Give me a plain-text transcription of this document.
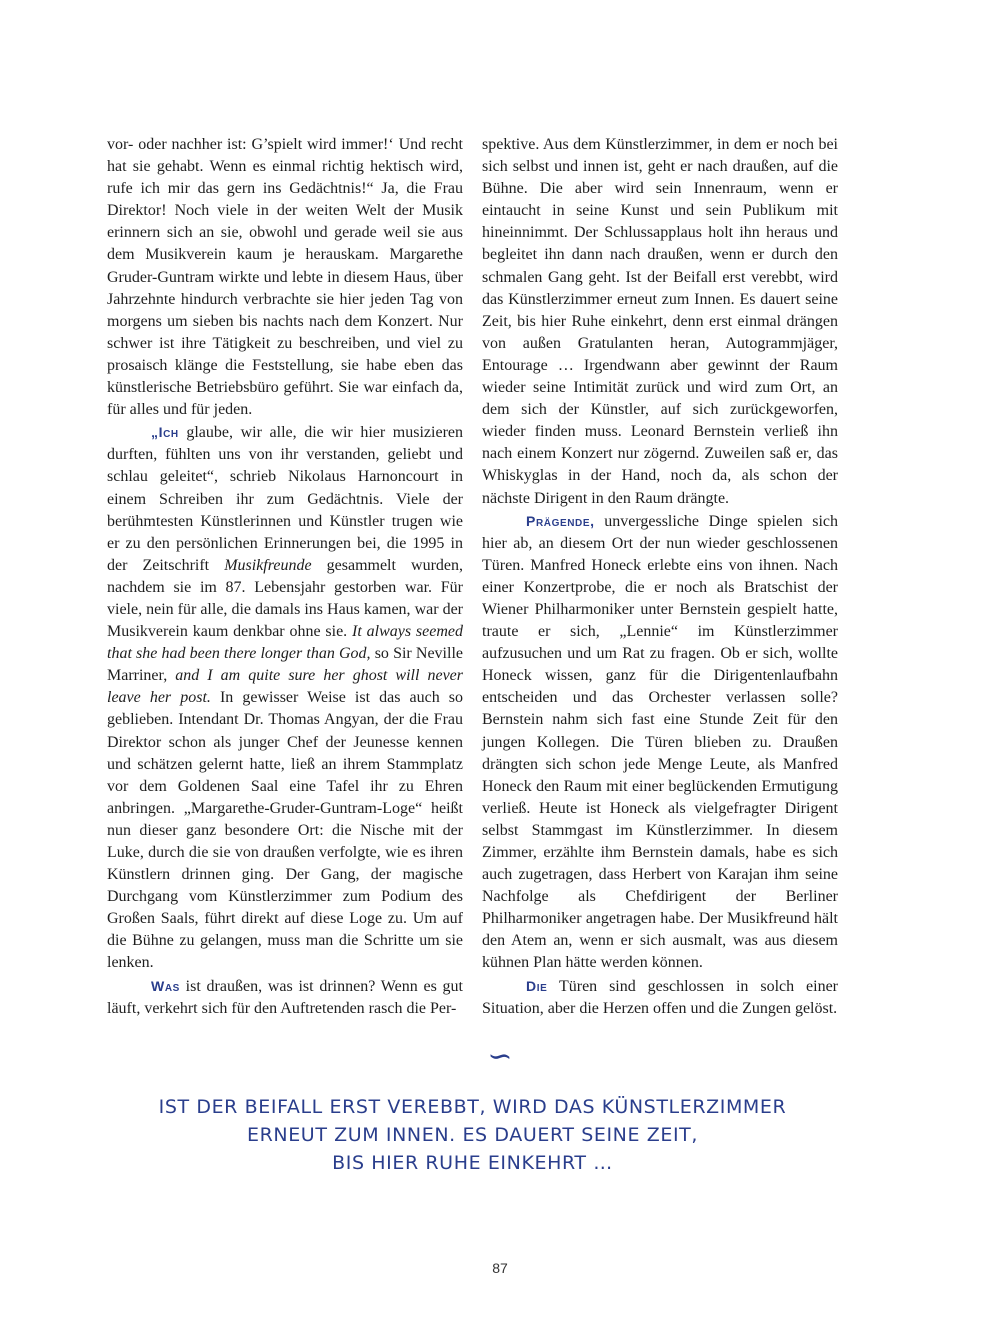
vor- oder nachher ist: G’spielt wird immer!‘ Und recht hat sie gehabt. Wenn es einmal richtig hektisch wird, rufe ich mir das gern ins Gedächtnis!“ Ja, die Frau Direktor! Noch viele in der weiten Welt der Musik erinnern sich an sie, obwohl und gerade weil sie aus dem Musikverein kaum je herauskam. Margarethe Gruder-Guntram wirkte und lebte in diesem Haus, über Jahrzehnte hindurch verbrachte sie hier jeden Tag von morgens um sieben bis nachts nach dem Konzert. Nur schwer ist ihre Tätigkeit zu beschreiben, und viel zu prosaisch klänge die Feststellung, sie habe eben das künstlerische Betriebsbüro geführt. Sie war einfach da, für alles und für jeden.

„Ich glaube, wir alle, die wir hier musizieren durften, fühlten uns von ihr verstanden, geliebt und schlau geleitet“, schrieb Nikolaus Harnoncourt in einem Schreiben ihr zum Gedächtnis. Viele der berühmtesten Künstlerinnen und Künstler trugen wie er zu den persönlichen Erinnerungen bei, die 1995 in der Zeitschrift Musikfreunde gesammelt wurden, nachdem sie im 87. Lebensjahr gestorben war. Für viele, nein für alle, die damals ins Haus kamen, war der Musikverein kaum denkbar ohne sie. It always seemed that she had been there longer than God, so Sir Neville Marriner, and I am quite sure her ghost will never leave her post. In gewisser Weise ist das auch so geblieben. Intendant Dr. Thomas Angyan, der die Frau Direktor schon als junger Chef der Jeunesse kennen und schätzen gelernt hatte, ließ an ihrem Stammplatz vor dem Goldenen Saal eine Tafel ihr zu Ehren anbringen. „Margarethe-Gruder-Guntram-Loge“ heißt nun dieser ganz besondere Ort: die Nische mit der Luke, durch die sie von draußen verfolgte, wie es ihren Künstlern drinnen ging. Der Gang, der magische Durchgang vom Künstlerzimmer zum Podium des Großen Saals, führt direkt auf diese Loge zu. Um auf die Bühne zu gelangen, muss man die Schritte um sie lenken.

Was ist draußen, was ist drinnen? Wenn es gut läuft, verkehrt sich für den Auftretenden rasch die Per-

spektive. Aus dem Künstlerzimmer, in dem er noch bei sich selbst und innen ist, geht er nach draußen, auf die Bühne. Die aber wird sein Innenraum, wenn er eintaucht in seine Kunst und sein Publikum mit hineinnimmt. Der Schlussapplaus holt ihn heraus und begleitet ihn dann nach draußen, wenn er durch den schmalen Gang geht. Ist der Beifall erst verebbt, wird das Künstlerzimmer erneut zum Innen. Es dauert seine Zeit, bis hier Ruhe einkehrt, denn erst einmal drängen von außen Gratulanten heran, Autogrammjäger, Entourage … Irgendwann aber gewinnt der Raum wieder seine Intimität zurück und wird zum Ort, an dem sich der Künstler, auf sich zurückgeworfen, wieder finden muss. Leonard Bernstein verließ ihn nach einem Konzert nur zögernd. Zuweilen saß er, das Whiskyglas in der Hand, noch da, als schon der nächste Dirigent in den Raum drängte.

Prägende, unvergessliche Dinge spielen sich hier ab, an diesem Ort der nun wieder geschlossenen Türen. Manfred Honeck erlebte eins von ihnen. Nach einer Konzertprobe, die er noch als Bratschist der Wiener Philharmoniker unter Bernstein gespielt hatte, traute er sich, „Lennie“ im Künstlerzimmer aufzusuchen und um Rat zu fragen. Ob er sich, wollte Honeck wissen, ganz für die Dirigentenlaufbahn entscheiden und das Orchester verlassen solle? Bernstein nahm sich fast eine Stunde Zeit für den jungen Kollegen. Die Türen blieben zu. Draußen drängten sich schon jede Menge Leute, als Manfred Honeck den Raum mit einer beglückenden Ermutigung verließ. Heute ist Honeck als vielgefragter Dirigent selbst Stammgast im Künstlerzimmer. In diesem Zimmer, erzählte ihm Bernstein damals, habe es sich auch zugetragen, dass Herbert von Karajan ihm seine Nachfolge als Chefdirigent der Berliner Philharmoniker angetragen habe. Der Musikfreund hält den Atem an, wenn er sich ausmalt, was aus diesem kühnen Plan hätte werden können.

Die Türen sind geschlossen in solch einer Situation, aber die Herzen offen und die Zungen gelöst.

∽
IST DER BEIFALL ERST VEREBBT, WIRD DAS KÜNSTLERZIMMER
ERNEUT ZUM INNEN. ES DAUERT SEINE ZEIT,
BIS HIER RUHE EINKEHRT …
87
